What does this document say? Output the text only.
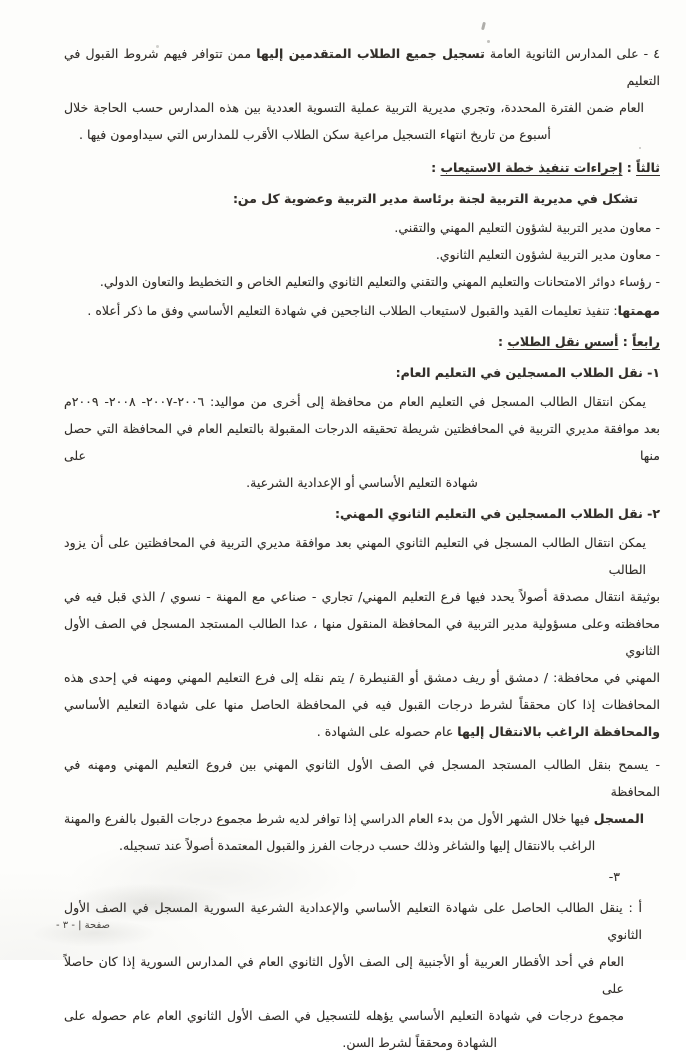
٤ - على المدارس الثانوية العامة تسجيل جميع الطلاب المتقدمين إليها ممن تتوافر فيهم شروط القبول في التعليم
العام ضمن الفترة المحددة، وتجري مديرية التربية عملية التسوية العددية بين هذه المدارس حسب الحاجة خلال
أسبوع من تاريخ انتهاء التسجيل مراعية سكن الطلاب الأقرب للمدارس التي سيداومون فيها .
ثالثاً : إجراءات تنفيذ خطة الاستيعاب :
تشكل في مديرية التربية لجنة برئاسة مدير التربية وعضوية كل من:
- معاون مدير التربية لشؤون التعليم المهني والتقني.
- معاون مدير التربية لشؤون التعليم الثانوي.
- رؤساء دوائر الامتحانات والتعليم المهني والتقني والتعليم الثانوي والتعليم الخاص و التخطيط والتعاون الدولي.
مهمتها: تنفيذ تعليمات القيد والقبول لاستيعاب الطلاب الناجحين في شهادة التعليم الأساسي وفق ما ذكر أعلاه .
رابعاً : أسس نقل الطلاب :
١- نقل الطلاب المسجلين في التعليم العام:
يمكن انتقال الطالب المسجل في التعليم العام من محافظة إلى أخرى من مواليد: ٢٠٠٦-٢٠٠٧- ٢٠٠٨- ٢٠٠٩م
بعد موافقة مديري التربية في المحافظتين شريطة تحقيقه الدرجات المقبولة بالتعليم العام في المحافظة التي حصل منها على
شهادة التعليم الأساسي أو الإعدادية الشرعية.
٢- نقل الطلاب المسجلين في التعليم الثانوي المهني:
يمكن انتقال الطالب المسجل في التعليم الثانوي المهني بعد موافقة مديري التربية في المحافظتين على أن يزود الطالب
بوثيقة انتقال مصدقة أصولاً يحدد فيها فرع التعليم المهني/ تجاري - صناعي مع المهنة - نسوي / الذي قبل فيه في
محافظته وعلى مسؤولية مدير التربية في المحافظة المنقول منها ، عدا الطالب المستجد المسجل في الصف الأول الثانوي
المهني في محافظة: / دمشق أو ريف دمشق أو القنيطرة / يتم نقله إلى فرع التعليم المهني ومهنه في إحدى هذه
المحافظات إذا كان محققاً لشرط درجات القبول فيه في المحافظة الحاصل منها على شهادة التعليم الأساسي
والمحافظة الراغب بالانتقال إليها عام حصوله على الشهادة .
- يسمح بنقل الطالب المستجد المسجل في الصف الأول الثانوي المهني بين فروع التعليم المهني ومهنه في المحافظة
المسجل فيها خلال الشهر الأول من بدء العام الدراسي إذا توافر لديه شرط مجموع درجات القبول بالفرع والمهنة
الراغب بالانتقال إليها والشاغر وذلك حسب درجات الفرز والقبول المعتمدة أصولاً عند تسجيله.
٣-
أ : ينقل الطالب الحاصل على شهادة التعليم الأساسي والإعدادية الشرعية السورية المسجل في الصف الأول الثانوي
العام في أحد الأقطار العربية أو الأجنبية إلى الصف الأول الثانوي العام في المدارس السورية إذا كان حاصلاً على
مجموع درجات في شهادة التعليم الأساسي يؤهله للتسجيل في الصف الأول الثانوي العام عام حصوله على
الشهادة ومحققاً لشرط السن.
صفحة | - ٣ -
